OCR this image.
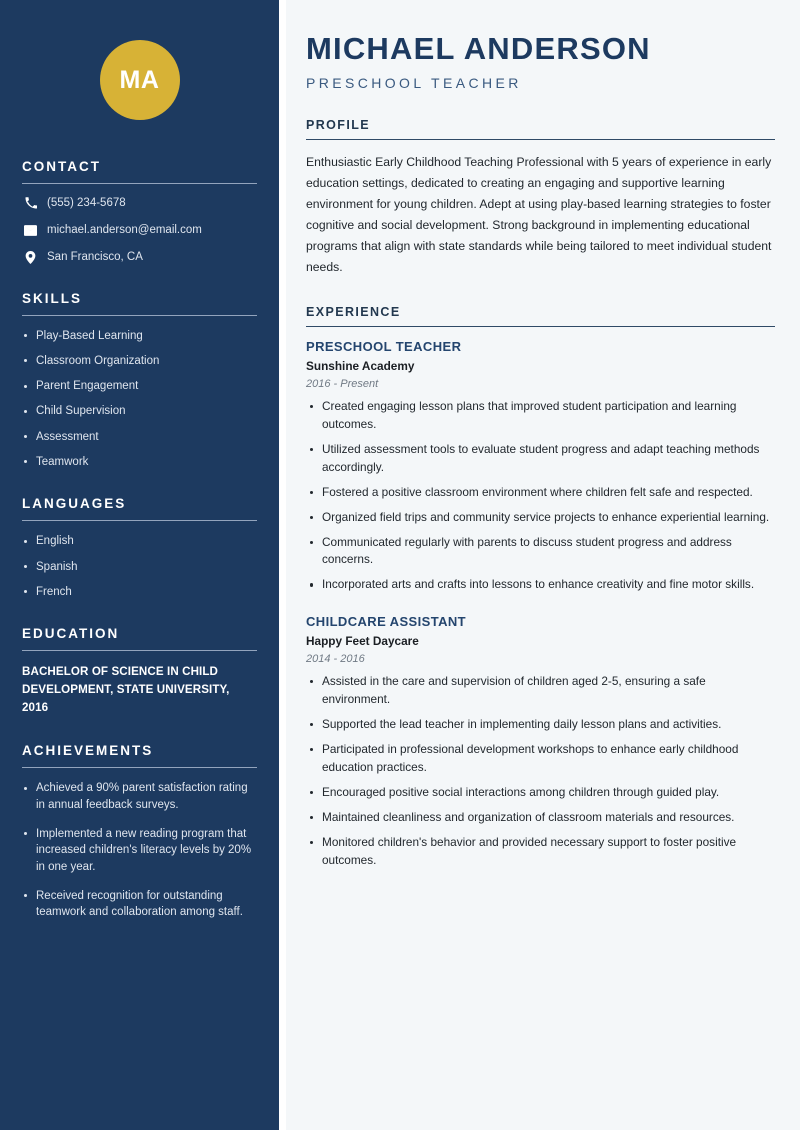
MA
CONTACT
(555) 234-5678
michael.anderson@email.com
San Francisco, CA
SKILLS
Play-Based Learning
Classroom Organization
Parent Engagement
Child Supervision
Assessment
Teamwork
LANGUAGES
English
Spanish
French
EDUCATION
BACHELOR OF SCIENCE IN CHILD DEVELOPMENT, STATE UNIVERSITY, 2016
ACHIEVEMENTS
Achieved a 90% parent satisfaction rating in annual feedback surveys.
Implemented a new reading program that increased children's literacy levels by 20% in one year.
Received recognition for outstanding teamwork and collaboration among staff.
MICHAEL ANDERSON
PRESCHOOL TEACHER
PROFILE

Enthusiastic Early Childhood Teaching Professional with 5 years of experience in early education settings, dedicated to creating an engaging and supportive learning environment for young children. Adept at using play-based learning strategies to foster cognitive and social development. Strong background in implementing educational programs that align with state standards while being tailored to meet individual student needs.

EXPERIENCE
PRESCHOOL TEACHER
Sunshine Academy
2016 - Present
Created engaging lesson plans that improved student participation and learning outcomes.
Utilized assessment tools to evaluate student progress and adapt teaching methods accordingly.
Fostered a positive classroom environment where children felt safe and respected.
Organized field trips and community service projects to enhance experiential learning.
Communicated regularly with parents to discuss student progress and address concerns.
Incorporated arts and crafts into lessons to enhance creativity and fine motor skills.
CHILDCARE ASSISTANT
Happy Feet Daycare
2014 - 2016
Assisted in the care and supervision of children aged 2-5, ensuring a safe environment.
Supported the lead teacher in implementing daily lesson plans and activities.
Participated in professional development workshops to enhance early childhood education practices.
Encouraged positive social interactions among children through guided play.
Maintained cleanliness and organization of classroom materials and resources.
Monitored children's behavior and provided necessary support to foster positive outcomes.
